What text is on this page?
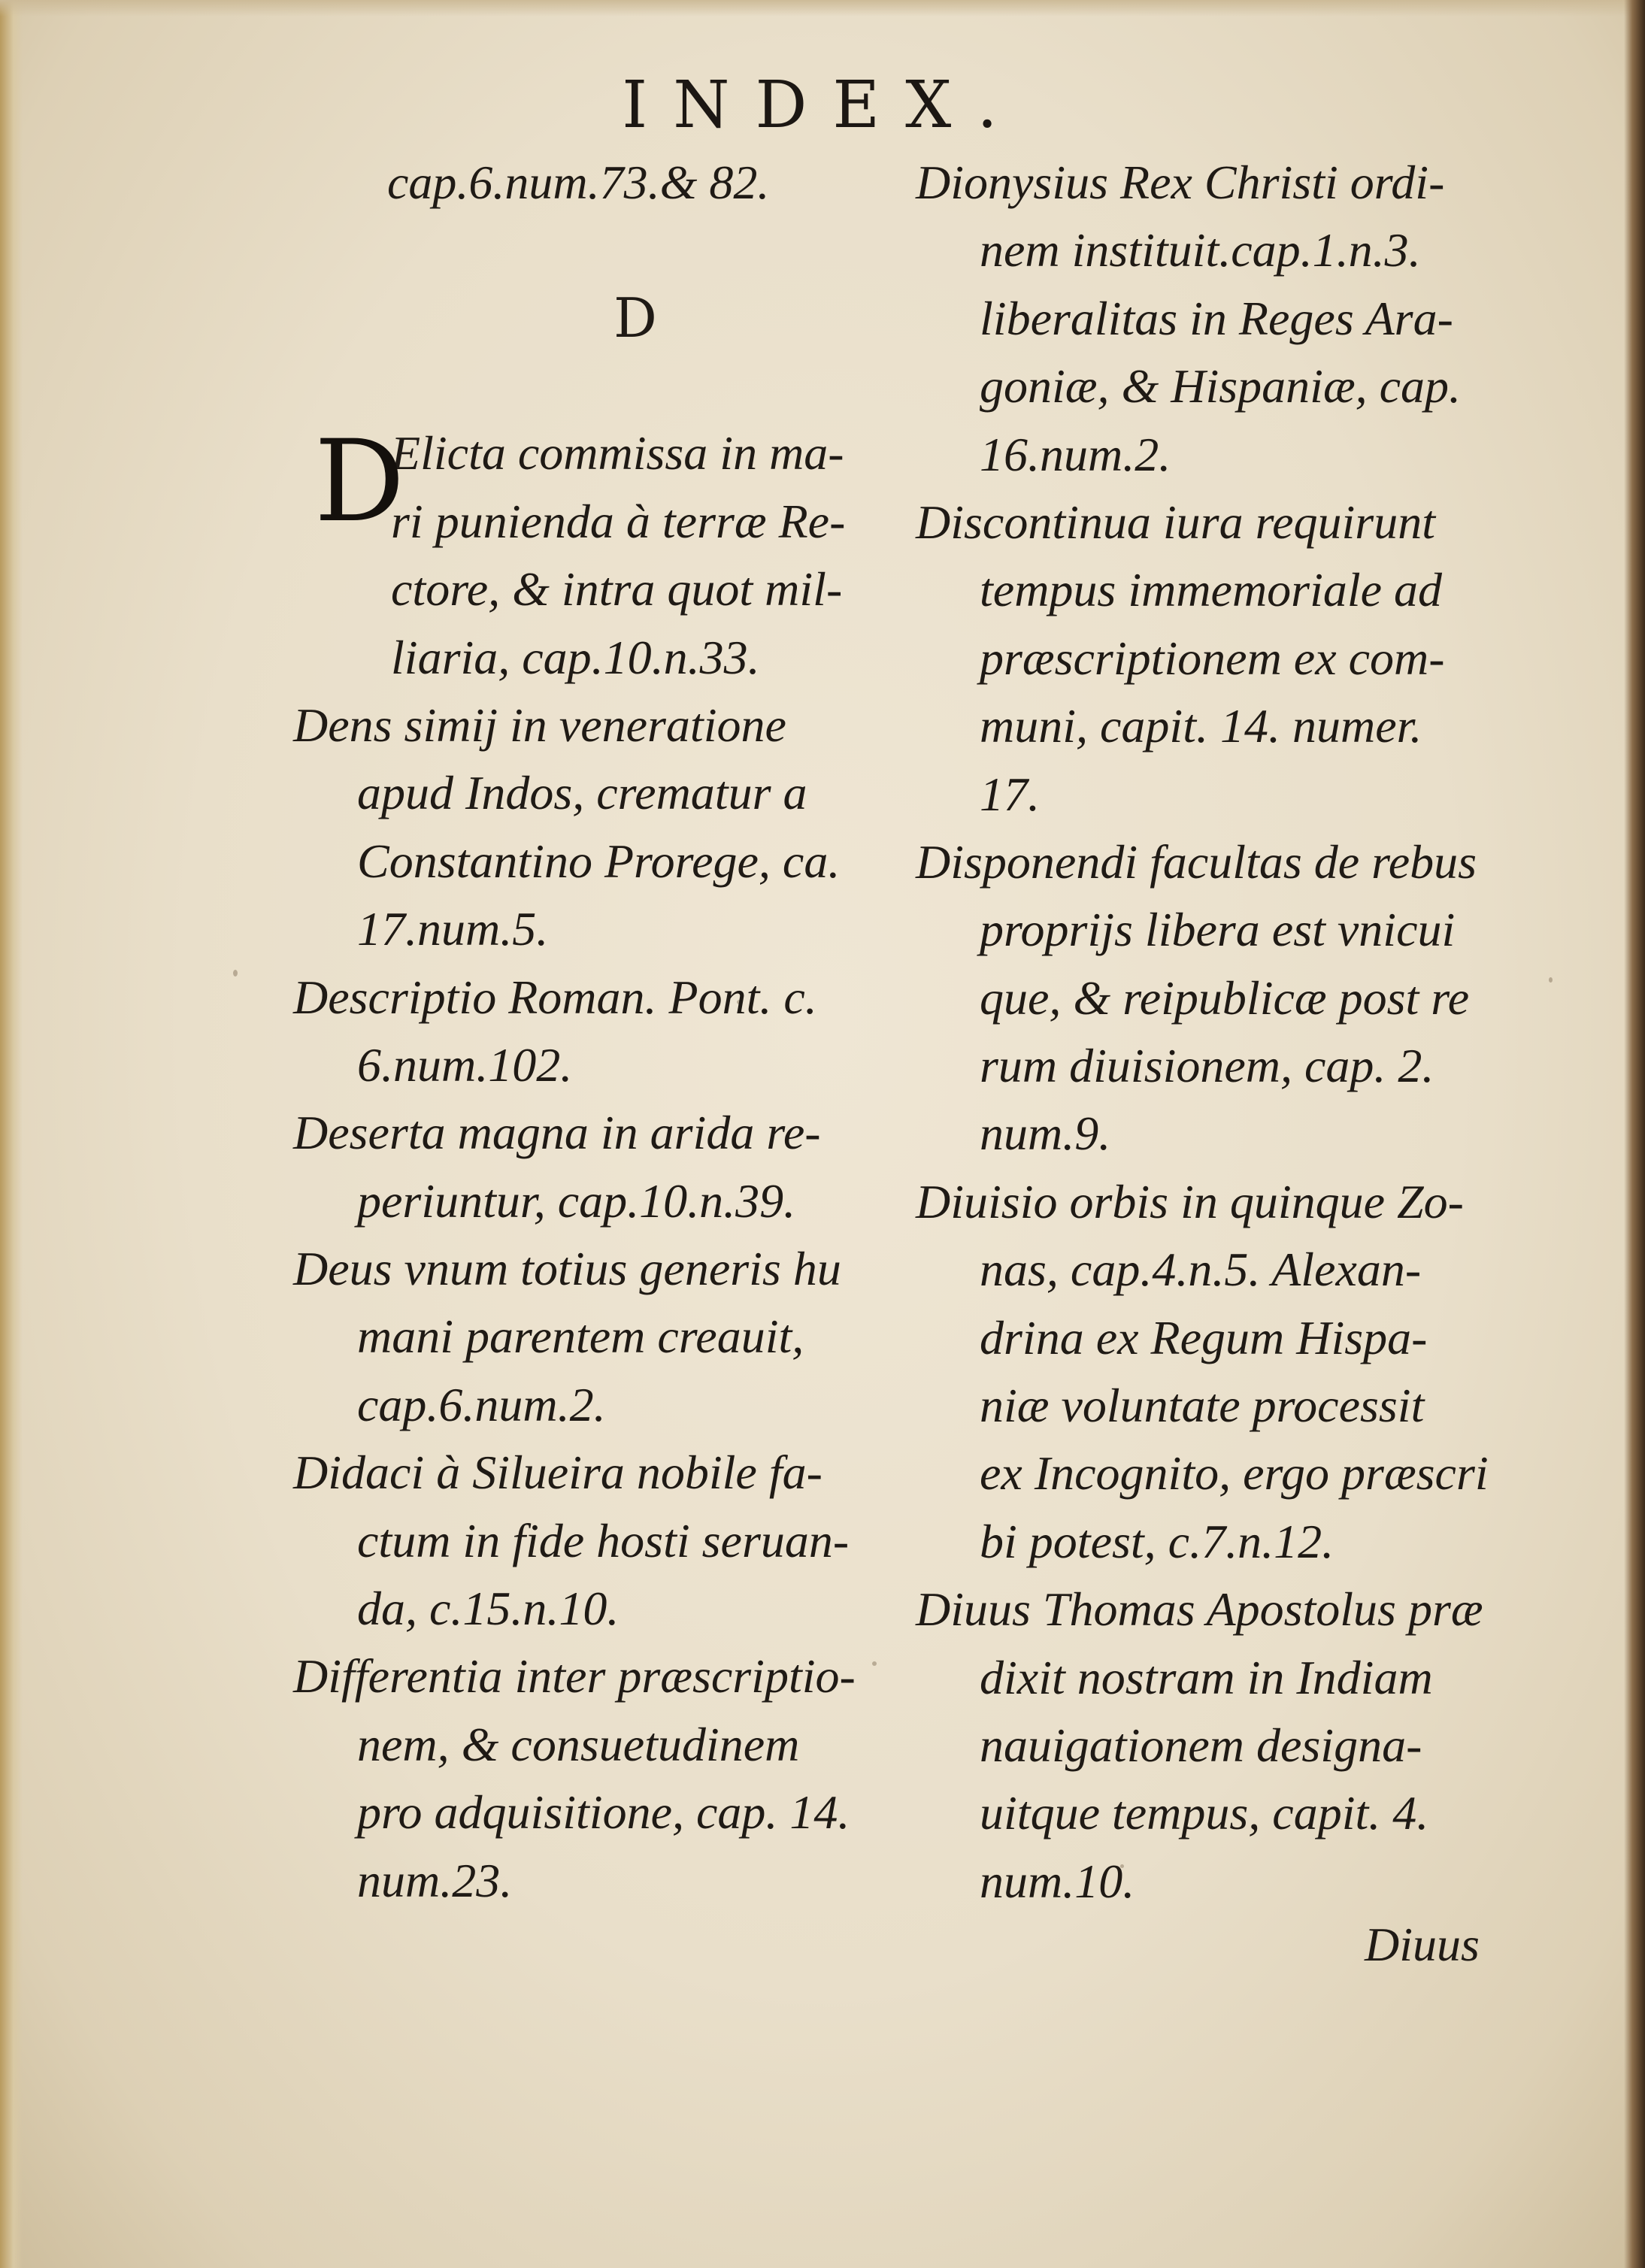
INDEX.
cap.6.num.73.& 82.
D
D
Elicta commissa in ma-
ri punienda à terræ Re-
ctore, & intra quot mil-
liaria, cap.10.n.33.
Dens simij in veneratione
apud Indos, crematur a
Constantino Prorege, ca.
17.num.5.
Descriptio Roman. Pont. c.
6.num.102.
Deserta magna in arida re-
periuntur, cap.10.n.39.
Deus vnum totius generis hu
mani parentem creauit,
cap.6.num.2.
Didaci à Silueira nobile fa-
ctum in fide hosti seruan-
da, c.15.n.10.
Differentia inter præscriptio-
nem, & consuetudinem
pro adquisitione, cap. 14.
num.23.
Dionysius Rex Christi ordi-
nem instituit.cap.1.n.3.
liberalitas in Reges Ara-
goniæ, & Hispaniæ, cap.
16.num.2.
Discontinua iura requirunt
tempus immemoriale ad
præscriptionem ex com-
muni, capit. 14. numer.
17.
Disponendi facultas de rebus
proprijs libera est vnicui
que, & reipublicæ post re
rum diuisionem, cap. 2.
num.9.
Diuisio orbis in quinque Zo-
nas, cap.4.n.5. Alexan-
drina ex Regum Hispa-
niæ voluntate processit
ex Incognito, ergo præscri
bi potest, c.7.n.12.
Diuus Thomas Apostolus præ
dixit nostram in Indiam
nauigationem designa-
uitque tempus, capit. 4.
num.10.
Diuus
